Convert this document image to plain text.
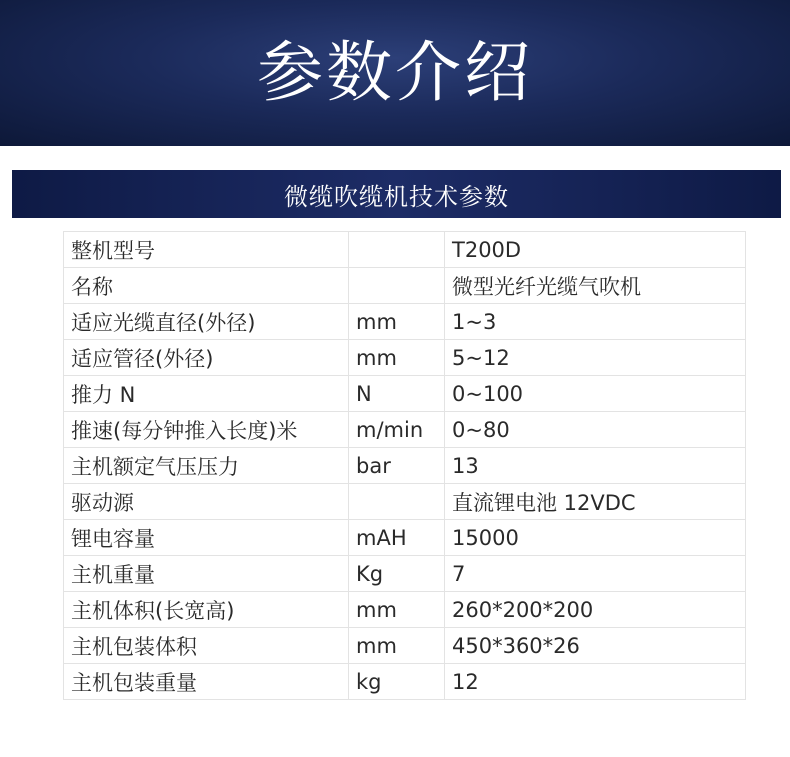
参数介绍
微缆吹缆机技术参数
整机型号		T200D
名称		微型光纤光缆气吹机
适应光缆直径(外径)	mm	1~3
适应管径(外径)	mm	5~12
推力 N	N	0~100
推速(每分钟推入长度)米	m/min	0~80
主机额定气压压力	bar	13
驱动源		直流锂电池 12VDC
锂电容量	mAH	15000
主机重量	Kg	7
主机体积(长宽高)	mm	260*200*200
主机包装体积	mm	450*360*26
主机包装重量	kg	12
